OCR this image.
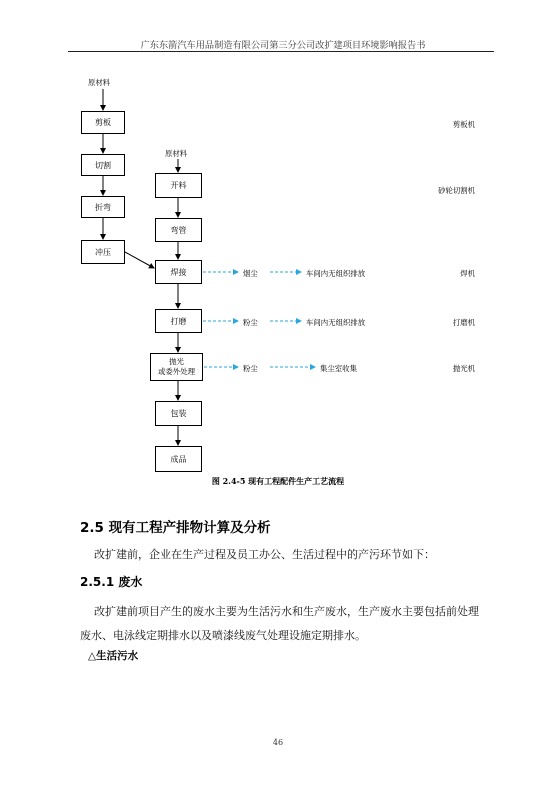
广东东箭汽车用品制造有限公司第三分公司改扩建项目环境影响报告书
原材料
剪板
切割
折弯
冲压
原材料
开料
弯管
焊接
打磨
抛光
或委外处理
包装
成品
烟尘	车间内无组织排放
粉尘	车间内无组织排放
粉尘	集尘室收集
剪板机
砂轮切割机
焊机
打磨机
抛光机
图 2.4-5 现有工程配件生产工艺流程
2.5 现有工程产排物计算及分析
改扩建前，企业在生产过程及员工办公、生活过程中的产污环节如下：
2.5.1 废水
改扩建前项目产生的废水主要为生活污水和生产废水，生产废水主要包括前处理
废水、电泳线定期排水以及喷漆线废气处理设施定期排水。
△生活污水
46
